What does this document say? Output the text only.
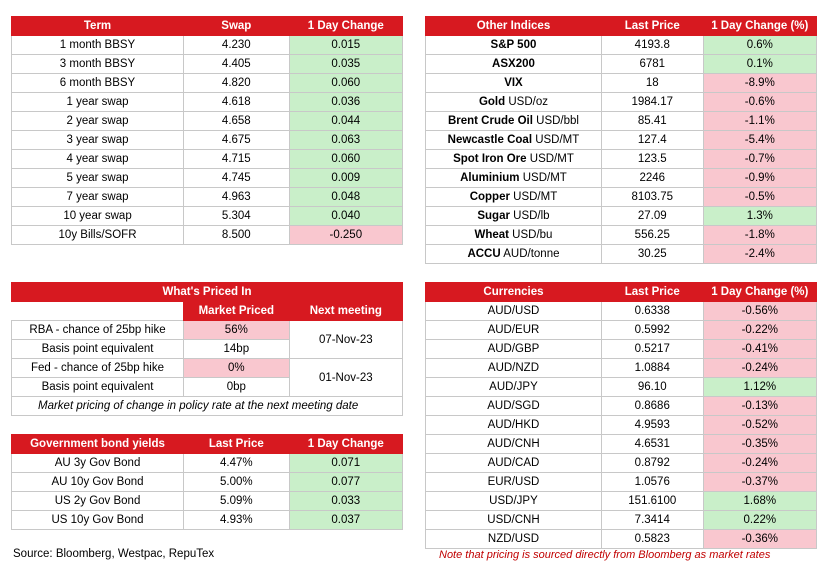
Term	Swap	1 Day Change
1 month BBSY	4.230	0.015
3 month BBSY	4.405	0.035
6 month BBSY	4.820	0.060
1 year swap	4.618	0.036
2 year swap	4.658	0.044
3 year swap	4.675	0.063
4 year swap	4.715	0.060
5 year swap	4.745	0.009
7 year swap	4.963	0.048
10 year swap	5.304	0.040
10y Bills/SOFR	8.500	-0.250
Other Indices	Last Price	1 Day Change (%)
S&P 500	4193.8	0.6%
ASX200	6781	0.1%
VIX	18	-8.9%
Gold USD/oz	1984.17	-0.6%
Brent Crude Oil USD/bbl	85.41	-1.1%
Newcastle Coal USD/MT	127.4	-5.4%
Spot Iron Ore USD/MT	123.5	-0.7%
Aluminium USD/MT	2246	-0.9%
Copper USD/MT	8103.75	-0.5%
Sugar USD/lb	27.09	1.3%
Wheat USD/bu	556.25	-1.8%
ACCU AUD/tonne	30.25	-2.4%
What's Priced In		
	Market Priced	Next meeting
RBA - chance of 25bp hike	56%	07-Nov-23
Basis point equivalent	14bp	
Fed - chance of 25bp hike	0%	01-Nov-23
Basis point equivalent	0bp	
Market pricing of change in policy rate at the next meeting date		
Government bond yields	Last Price	1 Day Change
AU 3y Gov Bond	4.47%	0.071
AU 10y Gov Bond	5.00%	0.077
US 2y Gov Bond	5.09%	0.033
US 10y Gov Bond	4.93%	0.037
Currencies	Last Price	1 Day Change (%)
AUD/USD	0.6338	-0.56%
AUD/EUR	0.5992	-0.22%
AUD/GBP	0.5217	-0.41%
AUD/NZD	1.0884	-0.24%
AUD/JPY	96.10	1.12%
AUD/SGD	0.8686	-0.13%
AUD/HKD	4.9593	-0.52%
AUD/CNH	4.6531	-0.35%
AUD/CAD	0.8792	-0.24%
EUR/USD	1.0576	-0.37%
USD/JPY	151.6100	1.68%
USD/CNH	7.3414	0.22%
NZD/USD	0.5823	-0.36%
Source: Bloomberg, Westpac, RepuTex	Note that pricing is sourced directly from Bloomberg as market rates
